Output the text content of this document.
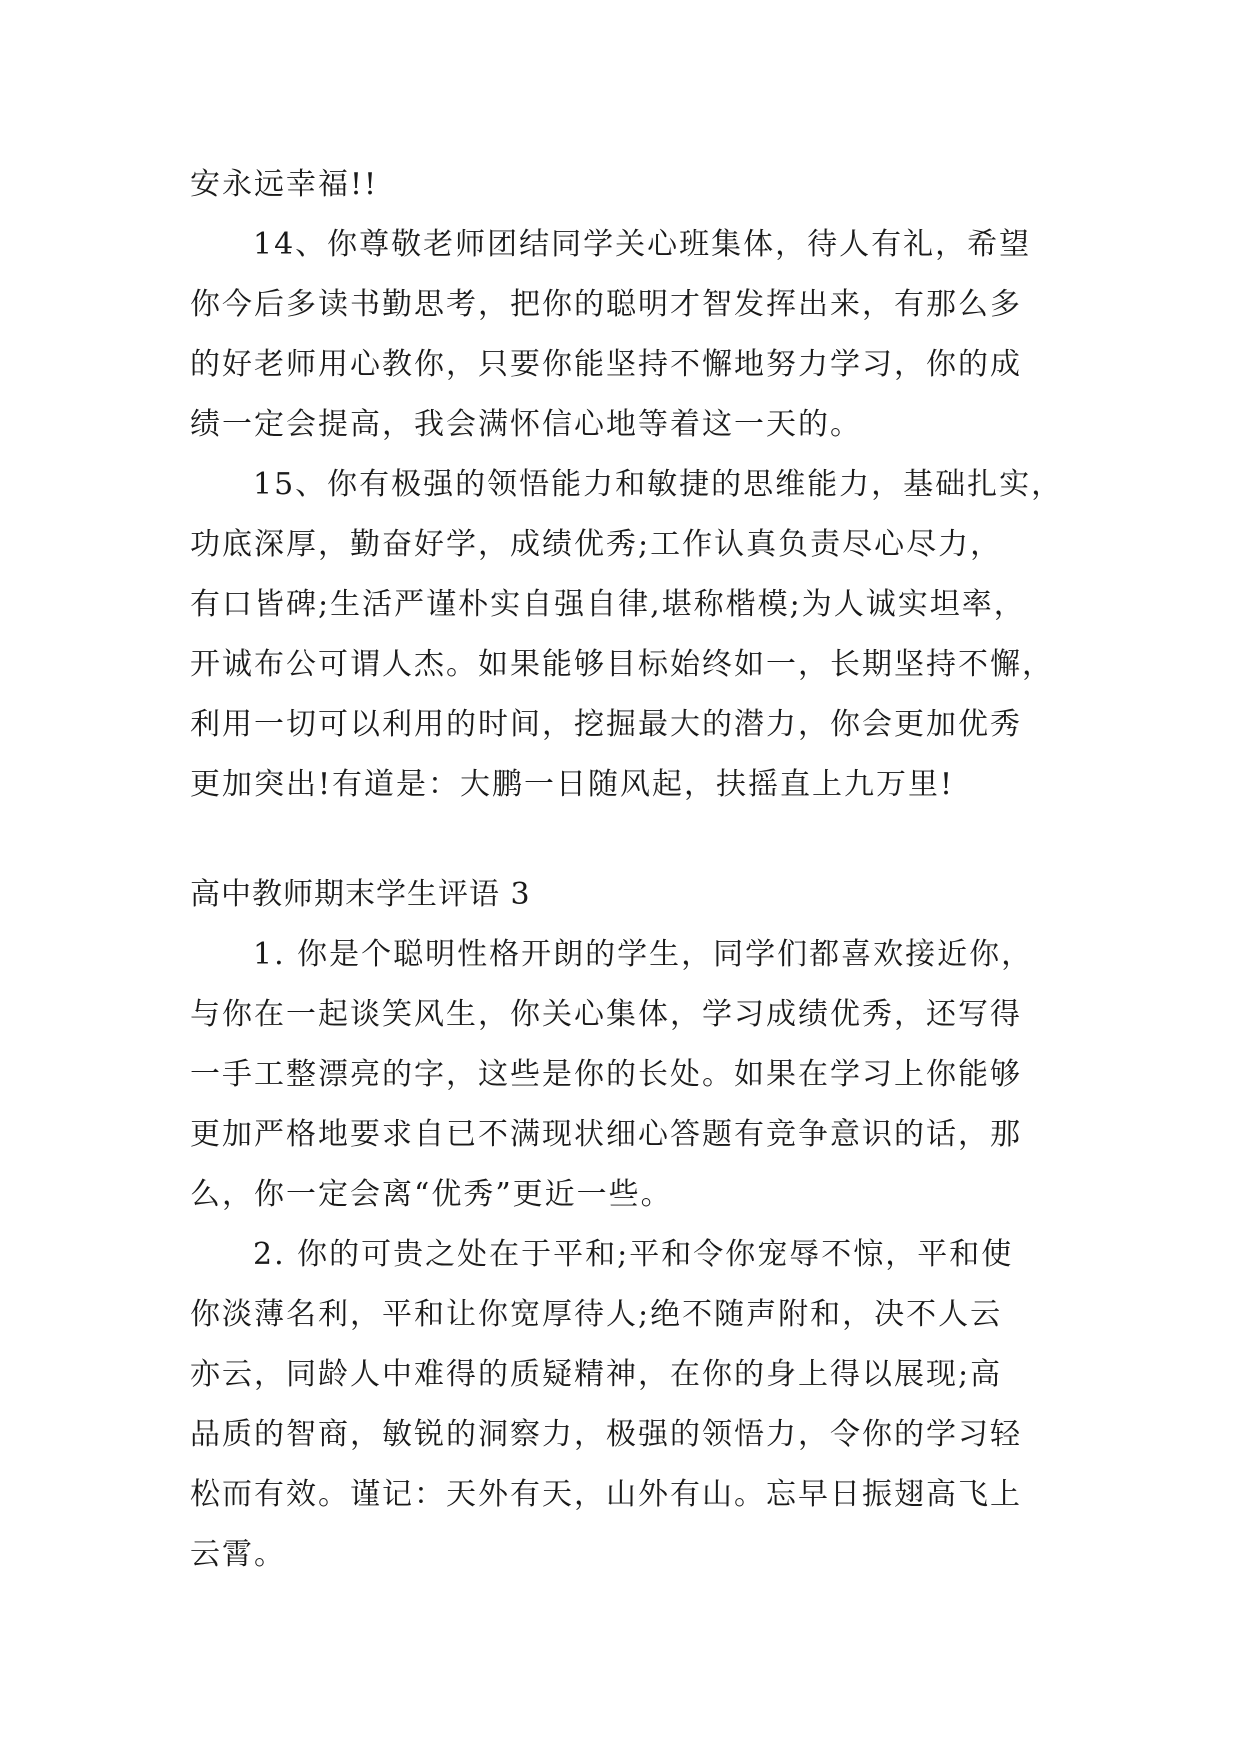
安永远幸福!!
14、你尊敬老师团结同学关心班集体，待人有礼，希望
你今后多读书勤思考，把你的聪明才智发挥出来，有那么多
的好老师用心教你，只要你能坚持不懈地努力学习，你的成
绩一定会提高，我会满怀信心地等着这一天的。
15、你有极强的领悟能力和敏捷的思维能力，基础扎实，
功底深厚，勤奋好学，成绩优秀;工作认真负责尽心尽力，
有口皆碑;生活严谨朴实自强自律,堪称楷模;为人诚实坦率，
开诚布公可谓人杰。如果能够目标始终如一，长期坚持不懈，
利用一切可以利用的时间，挖掘最大的潜力，你会更加优秀
更加突出!有道是：大鹏一日随风起，扶摇直上九万里!
高中教师期末学生评语 3
1. 你是个聪明性格开朗的学生，同学们都喜欢接近你，
与你在一起谈笑风生，你关心集体，学习成绩优秀，还写得
一手工整漂亮的字，这些是你的长处。如果在学习上你能够
更加严格地要求自已不满现状细心答题有竞争意识的话，那
么，你一定会离“优秀”更近一些。
2. 你的可贵之处在于平和;平和令你宠辱不惊，平和使
你淡薄名利，平和让你宽厚待人;绝不随声附和，决不人云
亦云，同龄人中难得的质疑精神，在你的身上得以展现;高
品质的智商，敏锐的洞察力，极强的领悟力，令你的学习轻
松而有效。谨记：天外有天，山外有山。忘早日振翅高飞上
云霄。
